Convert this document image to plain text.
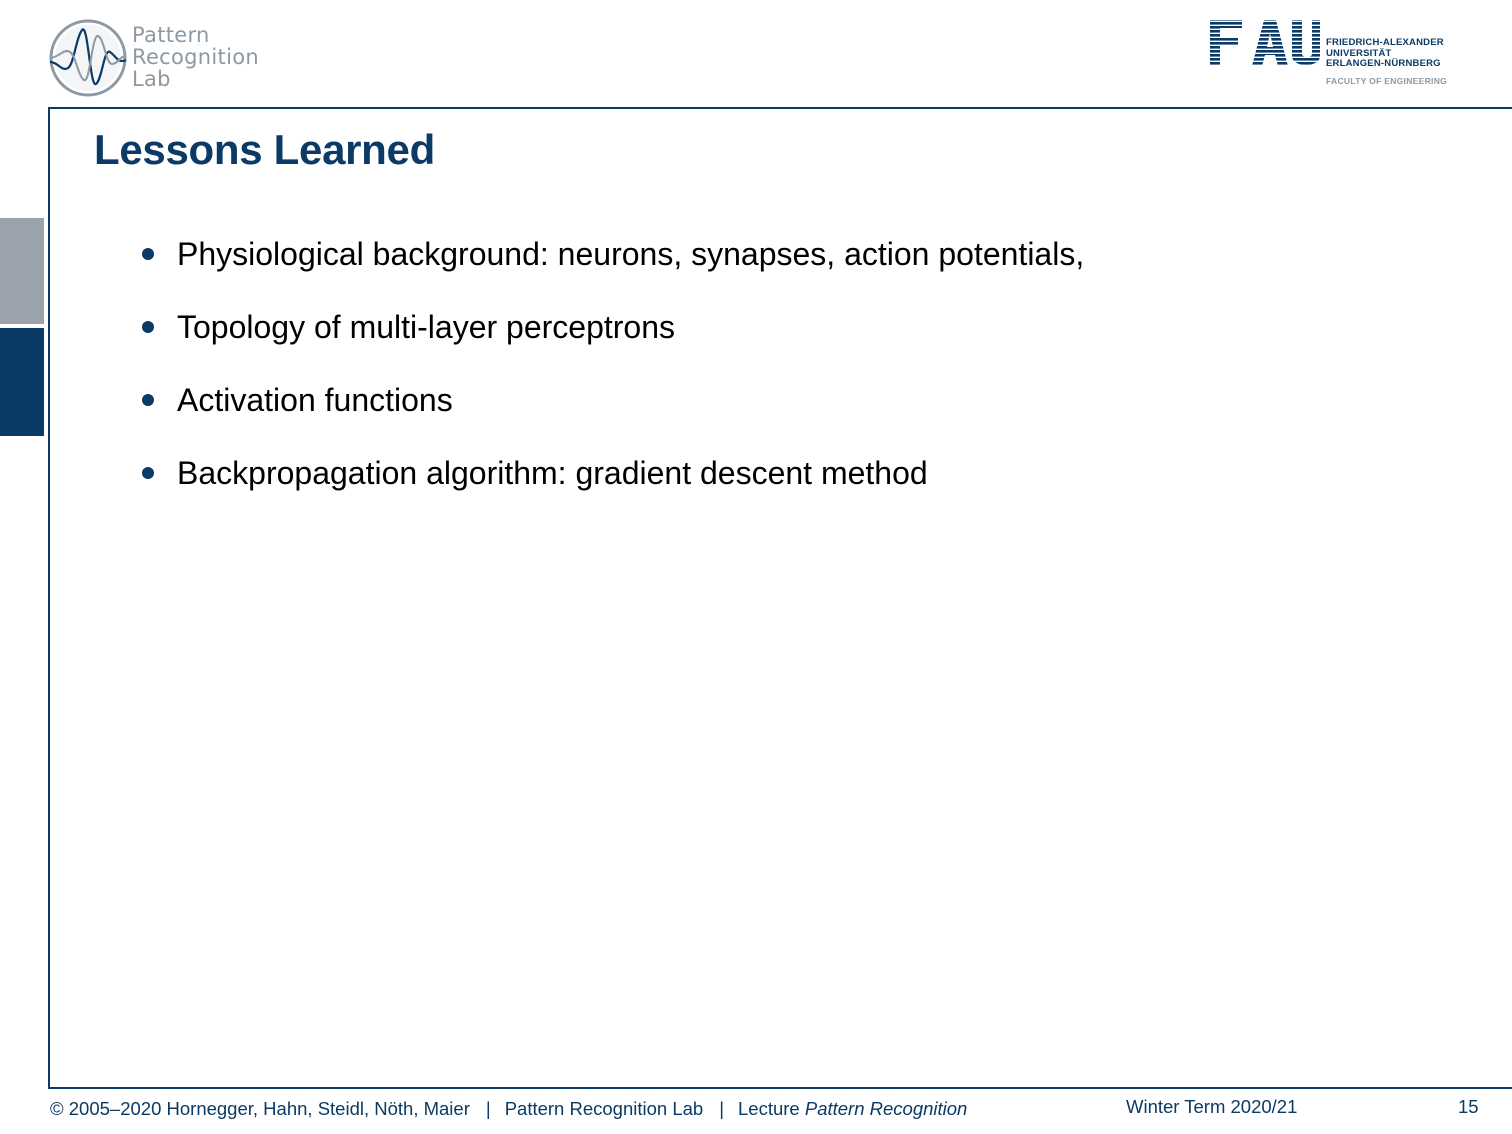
Pattern
Recognition
Lab
FRIEDRICH-ALEXANDER
UNIVERSITÄT
ERLANGEN-NÜRNBERG
FACULTY OF ENGINEERING
Lessons Learned
Physiological background: neurons, synapses, action potentials,
Topology of multi-layer perceptrons
Activation functions
Backpropagation algorithm: gradient descent method
© 2005–2020 Hornegger, Hahn, Steidl, Nöth, Maier | Pattern Recognition Lab | Lecture Pattern Recognition	Winter Term 2020/21	15
